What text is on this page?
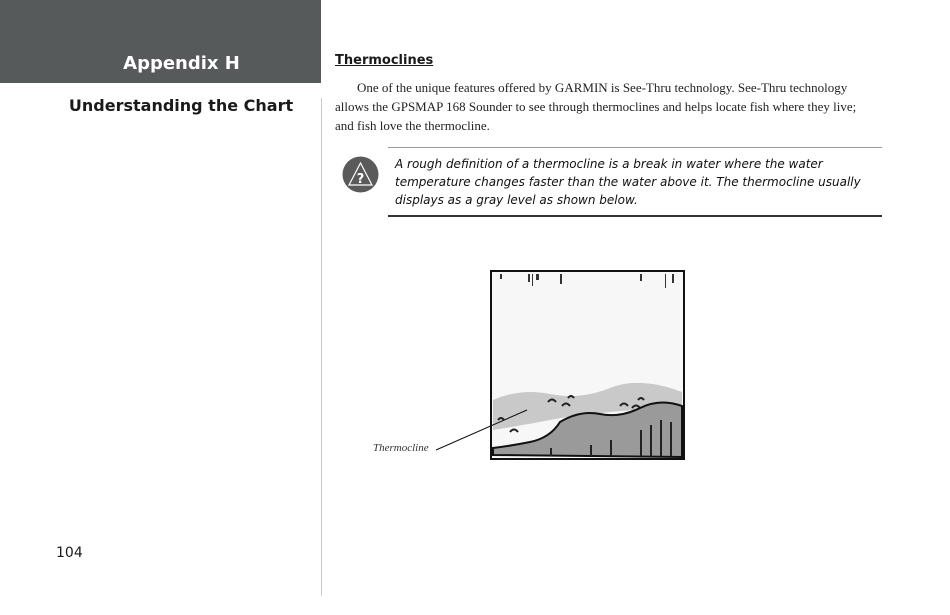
Appendix H
Understanding the Chart
104
Thermoclines

One of the unique features offered by GARMIN is See-Thru technology. See-Thru technology allows the GPSMAP 168 Sounder to see through thermoclines and helps locate fish where they live; and fish love the thermocline.

?

A rough definition of a thermocline is a break in water where the water temperature changes faster than the water above it. The thermocline usually displays as a gray level as shown below.

Thermocline
